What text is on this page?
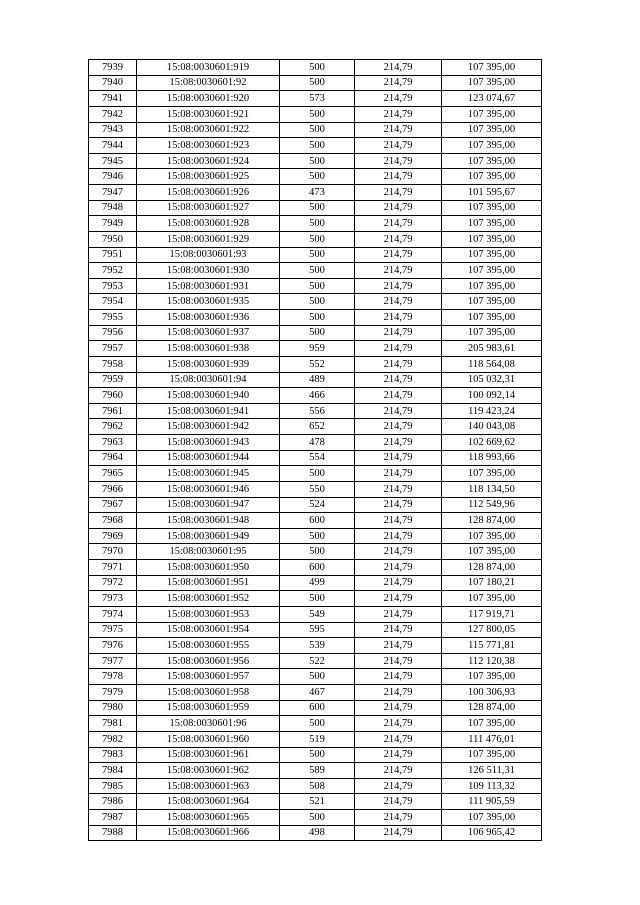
7939	15:08:0030601:919	500	214,79	107 395,00
7940	15:08:0030601:92	500	214,79	107 395,00
7941	15:08:0030601:920	573	214,79	123 074,67
7942	15:08:0030601:921	500	214,79	107 395,00
7943	15:08:0030601:922	500	214,79	107 395,00
7944	15:08:0030601:923	500	214,79	107 395,00
7945	15:08:0030601:924	500	214,79	107 395,00
7946	15:08:0030601:925	500	214,79	107 395,00
7947	15:08:0030601:926	473	214,79	101 595,67
7948	15:08:0030601:927	500	214,79	107 395,00
7949	15:08:0030601:928	500	214,79	107 395,00
7950	15:08:0030601:929	500	214,79	107 395,00
7951	15:08:0030601:93	500	214,79	107 395,00
7952	15:08:0030601:930	500	214,79	107 395,00
7953	15:08:0030601:931	500	214,79	107 395,00
7954	15:08:0030601:935	500	214,79	107 395,00
7955	15:08:0030601:936	500	214,79	107 395,00
7956	15:08:0030601:937	500	214,79	107 395,00
7957	15:08:0030601:938	959	214,79	205 983,61
7958	15:08:0030601:939	552	214,79	118 564,08
7959	15:08:0030601:94	489	214,79	105 032,31
7960	15:08:0030601:940	466	214,79	100 092,14
7961	15:08:0030601:941	556	214,79	119 423,24
7962	15:08:0030601:942	652	214,79	140 043,08
7963	15:08:0030601:943	478	214,79	102 669,62
7964	15:08:0030601:944	554	214,79	118 993,66
7965	15:08:0030601:945	500	214,79	107 395,00
7966	15:08:0030601:946	550	214,79	118 134,50
7967	15:08:0030601:947	524	214,79	112 549,96
7968	15:08:0030601:948	600	214,79	128 874,00
7969	15:08:0030601:949	500	214,79	107 395,00
7970	15:08:0030601:95	500	214,79	107 395,00
7971	15:08:0030601:950	600	214,79	128 874,00
7972	15:08:0030601:951	499	214,79	107 180,21
7973	15:08:0030601:952	500	214,79	107 395,00
7974	15:08:0030601:953	549	214,79	117 919,71
7975	15:08:0030601:954	595	214,79	127 800,05
7976	15:08:0030601:955	539	214,79	115 771,81
7977	15:08:0030601:956	522	214,79	112 120,38
7978	15:08:0030601:957	500	214,79	107 395,00
7979	15:08:0030601:958	467	214,79	100 306,93
7980	15:08:0030601:959	600	214,79	128 874,00
7981	15:08:0030601:96	500	214,79	107 395,00
7982	15:08:0030601:960	519	214,79	111 476,01
7983	15:08:0030601:961	500	214,79	107 395,00
7984	15:08:0030601:962	589	214,79	126 511,31
7985	15:08:0030601:963	508	214,79	109 113,32
7986	15:08:0030601:964	521	214,79	111 905,59
7987	15:08:0030601:965	500	214,79	107 395,00
7988	15:08:0030601:966	498	214,79	106 965,42
